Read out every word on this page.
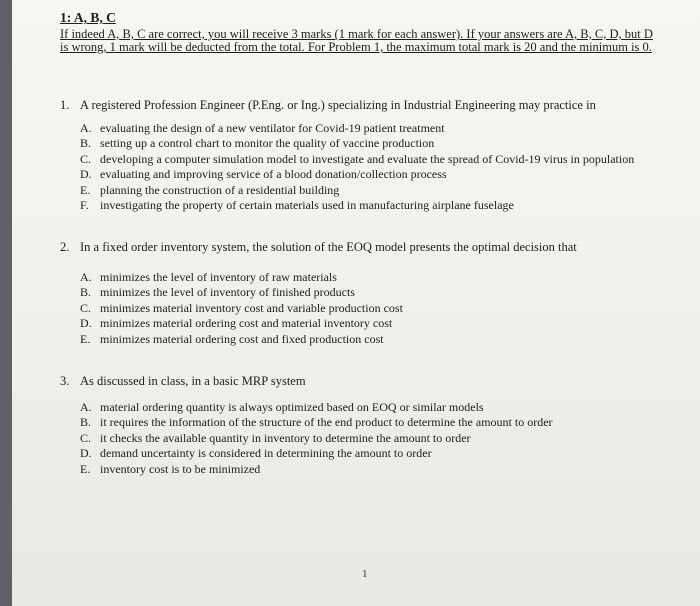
1: A, B, C

If indeed A, B, C are correct, you will receive 3 marks (1 mark for each answer). If your answers are A, B, C, D, but D
is wrong, 1 mark will be deducted from the total. For Problem 1, the maximum total mark is 20 and the minimum is 0.
1. A registered Profession Engineer (P.Eng. or Ing.) specializing in Industrial Engineering may practice in
A. evaluating the design of a new ventilator for Covid-19 patient treatment
B. setting up a control chart to monitor the quality of vaccine production
C. developing a computer simulation model to investigate and evaluate the spread of Covid-19 virus in population
D. evaluating and improving service of a blood donation/collection process
E. planning the construction of a residential building
F. investigating the property of certain materials used in manufacturing airplane fuselage
2. In a fixed order inventory system, the solution of the EOQ model presents the optimal decision that
A. minimizes the level of inventory of raw materials
B. minimizes the level of inventory of finished products
C. minimizes material inventory cost and variable production cost
D. minimizes material ordering cost and material inventory cost
E. minimizes material ordering cost and fixed production cost
3. As discussed in class, in a basic MRP system
A. material ordering quantity is always optimized based on EOQ or similar models
B. it requires the information of the structure of the end product to determine the amount to order
C. it checks the available quantity in inventory to determine the amount to order
D. demand uncertainty is considered in determining the amount to order
E. inventory cost is to be minimized
1
